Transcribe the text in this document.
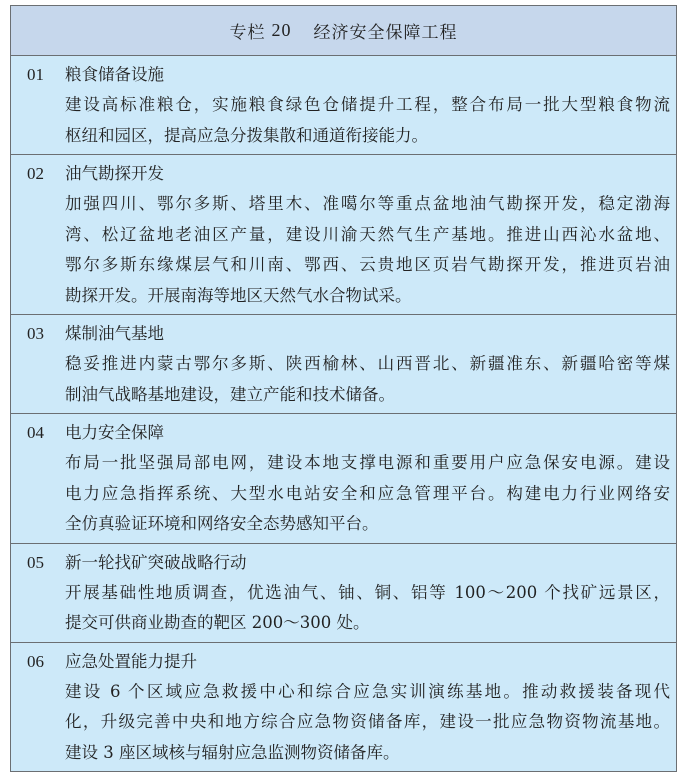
专栏 20 经济安全保障工程
01	粮食储备设施
建设高标准粮仓，实施粮食绿色仓储提升工程，整合布局一批大型粮食物流
枢纽和园区，提高应急分拨集散和通道衔接能力。
02	油气勘探开发
加强四川、鄂尔多斯、塔里木、准噶尔等重点盆地油气勘探开发，稳定渤海
湾、松辽盆地老油区产量，建设川渝天然气生产基地。推进山西沁水盆地、
鄂尔多斯东缘煤层气和川南、鄂西、云贵地区页岩气勘探开发，推进页岩油
勘探开发。开展南海等地区天然气水合物试采。
03	煤制油气基地
稳妥推进内蒙古鄂尔多斯、陕西榆林、山西晋北、新疆准东、新疆哈密等煤
制油气战略基地建设，建立产能和技术储备。
04	电力安全保障
布局一批坚强局部电网，建设本地支撑电源和重要用户应急保安电源。建设
电力应急指挥系统、大型水电站安全和应急管理平台。构建电力行业网络安
全仿真验证环境和网络安全态势感知平台。
05	新一轮找矿突破战略行动
开展基础性地质调查，优选油气、铀、铜、铝等 100～200 个找矿远景区，
提交可供商业勘查的靶区 200～300 处。
06	应急处置能力提升
建设 6 个区域应急救援中心和综合应急实训演练基地。推动救援装备现代
化，升级完善中央和地方综合应急物资储备库，建设一批应急物资物流基地。
建设 3 座区域核与辐射应急监测物资储备库。
